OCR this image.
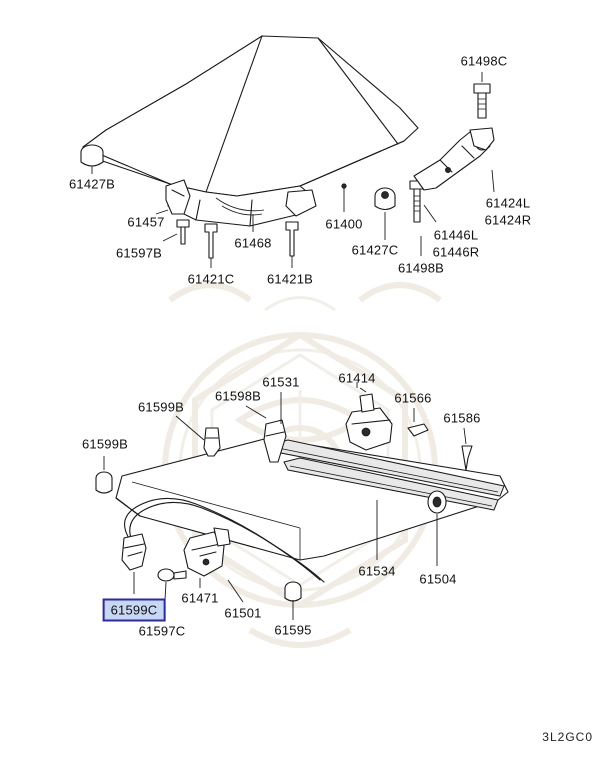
61498C
61427B
61457
61597B
61468
61421C	61421B
61400
61427C
61446L
61446R
61498B
61424L
61424R
61531	61414
61566
61586
61598B
61599B
61599B
61534
61504
61471
61501
61595
61599C
61597C
3L2GC0
